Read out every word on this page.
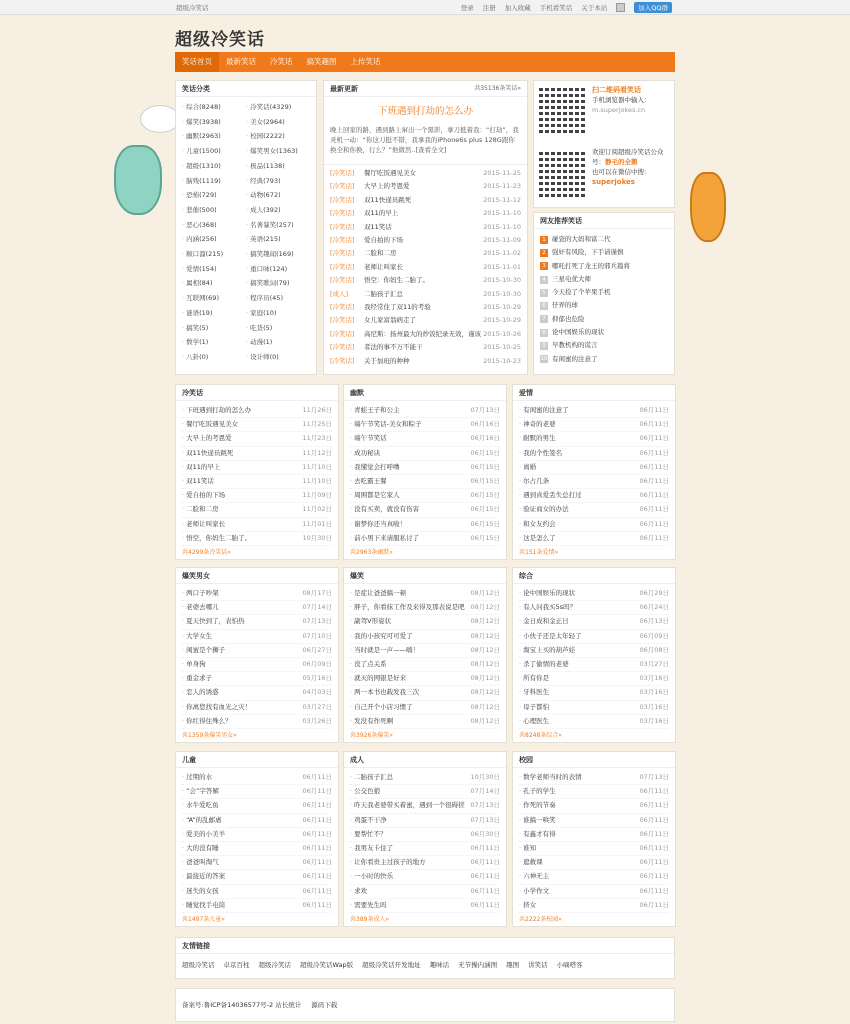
超级冷笑话	登录 注册 加入收藏 手机看笑话 关于本站	加入QQ群
超级冷笑话
笑话首页	最新笑话	冷笑话	搞笑趣图	上传笑话
笑话分类
· 综合(8248)	· 冷笑话(4329)
· 爆笑(3938)	· 美女(2964)
· 幽默(2963)	· 校园(2222)
· 儿童(1500)	· 爆笑男女(1363)
· 超级(1310)	· 极品(1138)
· 脑残(1119)	· 经典(793)
· 恐怖(729)	· 动物(672)
· 悲催(500)	· 成人(392)
· 恶心(368)	· 名著暴笑(257)
· 内涵(256)	· 英语(215)
· 顺口溜(215)	· 搞笑趣闻(169)
· 爱情(154)	· 重口味(124)
· 属相(84)	· 搞笑歌词(79)
· 互联网(69)	· 程序员(45)
· 谜语(19)	· 家庭(10)
· 搞笑(5)	· 吃货(5)
· 数学(1)	· 动漫(1)
· 八卦(0)	· 设计师(0)
最新更新	共35136条笑话»
下班遇到打劫的怎么办
晚上回家的路，遇到路上窜出一个黑影，拿刀抵着我：“打劫”，我灵机一动：“你这刀挺不错，我拿我的iPhone6s plus 128G跟你换全和你换，行么？”他微然..[查看全文]
[冷笑话]	餐厅吃饭遇见美女	2015-11-25
[冷笑话]	大早上的考恩爱	2015-11-23
[冷笑话]	双11快递员跳死	2015-11-12
[冷笑话]	双11的早上	2015-11-10
[冷笑话]	双11笑话	2015-11-10
[冷笑话]	爱自拍的下场	2015-11-09
[冷笑话]	二脸和二房	2015-11-02
[冷笑话]	老师让叫家长	2015-11-01
[冷笑话]	悟空：你妈生二胎了。	2015-10-30
[成人]	二胎孩子汇总	2015-10-30
[冷笑话]	我经常住了双11的考验	2015-10-29
[冷笑话]	女儿家富翁病走了	2015-10-29
[冷笑话]	高尼斯：扬州最大的炒饭纪录无效，谨该 2015-10-26
[冷笑话]	者法的事不万不能干	2015-10-25
[冷笑话]	关于加班的种种	2015-10-23
扫二维码看笑话
手机浏览器中输入：
m.superjokes.cn
欢迎订阅超级冷笑话公众号：静毛的全鹅
也可以在微信中搜：
superjokes
网友推荐笑话
1 碰瓷的大妈和富二代
2 强奸有风险，下手请谨慎
3 哪吒打死了龙王的邪兵篇将
4 三星电优大师
5 今天捡了个苹果手机
6 仔弄的球
7 抑郁也危险
8 论中国娱乐的现状
9 早教机构的谎言
10 有闺蜜的注意了
冷笑话
· 下班遇到打劫的怎么办	11月26日
· 餐厅吃饭遇见美女	11月25日
· 大早上的考恩爱	11月23日
· 双11快递员跳死	11月12日
· 双11的早上	11月10日
· 双11笑话	11月10日
· 爱自拍的下场	11月09日
· 二脸和二房	11月02日
· 老师让叫家长	11月01日
· 悟空，你妈生二胎了。	10月30日
共4299条冷笑话»
幽默
· 青蛙王子和公主	07月13日
· 端午节笑话-美女和粽子	06月16日
· 端午节笑话	06月16日
· 成功秘诀	06月15日
· 我懂觉会打呼噜	06月15日
· 去吃霸王餐	06月15日
· 周围都是它家人	06月15日
· 没有买卖，就没有伤害	06月15日
· 谢梦你还当真啦！	06月15日
· 前小男下来请服私讨了	06月15日
共2963条幽默»
爱情
· 有闺蜜的注意了	06月11日
· 神奇的老婆	06月11日
· 耐默的男生	06月11日
· 我的个性签名	06月11日
· 离婚	06月11日
· 尔占几条	06月11日
· 遇到真爱丢失总打过	06月11日
· 验证商女的办法	06月11日
· 和女友约会	06月11日
· 这是怎么了	06月11日
共151条爱情»
爆笑男女
· 两口子吵架	08月17日
· 老婆去哪儿	07月14日
· 夏天快到了，表怕热	07月13日
· 大学女生	07月10日
· 闺蜜是个狮子	06月27日
· 单身狗	06月09日
· 重金求子	05月16日
· 恋人的诱惑	04月03日
· 你离您找有血光之灾！	03月27日
· 你红得住殊么？	03月26日
共1359条爆笑男女»
爆笑
· 是症让爸爸搞一顿	08月12日
· 胖子，你看抹工作及来得及那表说是吧 08月12日
· 副驾V形姿状	08月12日
· 我的小孩究可可爱了	08月12日
· 当时就是一声——嗨！	08月12日
· 没了点关系	08月12日
· 就灭的网银是好来	08月12日
· 两一本书也载发我三次	08月12日
· 自己开个小店习惯了	08月12日
· 发没有作死啊	08月12日
共3926条爆笑»
综合
· 论中国娱乐的现状	06月29日
· 有人问我买5s吗？	06月24日
· 金日成和金正日	06月13日
· 小伙子还是太年轻了	06月09日
· 淘宝上买的葫芦娃	06月08日
· 杀了偷情的老婆	03月27日
· 所有你是	03月16日
· 牙科医生	03月16日
· 母子都怕	03月16日
· 心理医生	03月16日
共8248条综合»
儿童
· 过期的水	06月11日
· “会”字答解	06月11日
· 水牛爱吃鱼	06月11日
· “A”的乱邮虐	06月11日
· 爱美的小美羊	06月11日
· 大的没有睡	06月11日
· 爸爸叫淘气	06月11日
· 最接近的答案	06月11日
· 迷失的女孩	06月11日
· 睡觉找手电筒	06月11日
共1497条儿童»
成人
· 二胎孩子汇总	10月30日
· 公交色狼	07月14日
· 昨天我老婆带买着蜜，遇到一个很碍搓 07月13日
· 鸡蛋不干净	07月13日
· 要帮忙不？	06月30日
· 我男友卡住了	06月11日
· 让你看贵主过孩子的地方	06月11日
· 一小时的快乐	06月11日
· 求欢	06月11日
· 需要先生吗	06月11日
共389条成人»
校园
· 数学老师当时的表情	07月13日
· 孔子的学生	06月11日
· 作死的节奏	06月11日
· 谁搞一哄笑	06月11日
· 有鑫才有得	06月11日
· 谁知	06月11日
· 遮救课	06月11日
· 六神无主	06月11日
· 小学作文	06月11日
· 挤女	06月11日
共2222条校园»
友情链接
超级冷笑话 卓京百柱 超级冷笑话 超级冷笑话Wap版 超级冷笑话开发地址 趣味话 无节操内涵图 趣图 讲笑话 小嘀嗒客
备案号:鲁ICP备14036577号-2 站长统计 源码下载
